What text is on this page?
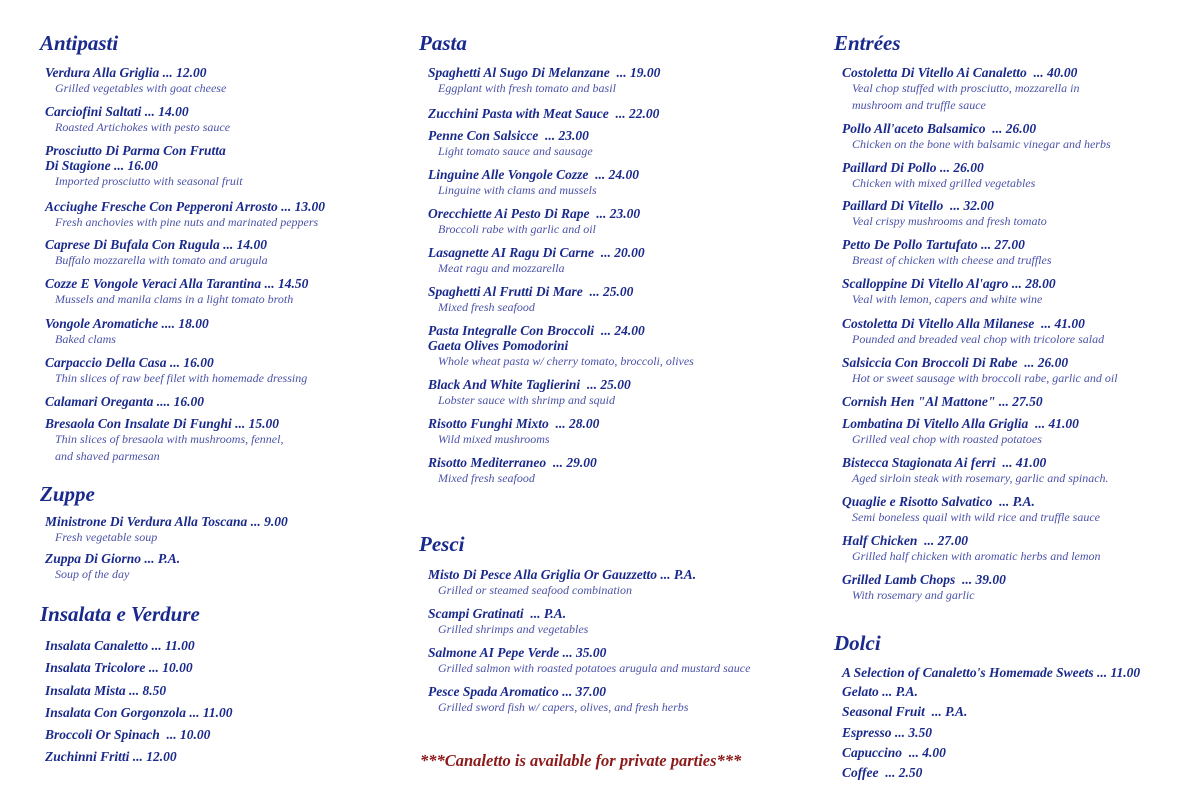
Antipasti
Verdura Alla Griglia ... 12.00
Grilled vegetables with goat cheese
Carciofini Saltati ... 14.00
Roasted Artichokes with pesto sauce
Prosciutto Di Parma Con Frutta
Di Stagione ... 16.00
Imported prosciutto with seasonal fruit
Acciughe Fresche Con Pepperoni Arrosto ... 13.00
Fresh anchovies with pine nuts and marinated peppers
Caprese Di Bufala Con Rugula ... 14.00
Buffalo mozzarella with tomato and arugula
Cozze E Vongole Veraci Alla Tarantina ... 14.50
Mussels and manila clams in a light tomato broth
Vongole Aromatiche .... 18.00
Baked clams
Carpaccio Della Casa ... 16.00
Thin slices of raw beef filet with homemade dressing
Calamari Oreganta .... 16.00
Bresaola Con Insalate Di Funghi ... 15.00
Thin slices of bresaola with mushrooms, fennel,
and shaved parmesan
Zuppe
Ministrone Di Verdura Alla Toscana ... 9.00
Fresh vegetable soup
Zuppa Di Giorno ... P.A.
Soup of the day
Insalata e Verdure
Insalata Canaletto ... 11.00
Insalata Tricolore ... 10.00
Insalata Mista ... 8.50
Insalata Con Gorgonzola ... 11.00
Broccoli Or Spinach  ... 10.00
Zuchinni Fritti ... 12.00
Pasta
Spaghetti Al Sugo Di Melanzane  ... 19.00
Eggplant with fresh tomato and basil
Zucchini Pasta with Meat Sauce  ... 22.00
Penne Con Salsicce  ... 23.00
Light tomato sauce and sausage
Linguine Alle Vongole Cozze  ... 24.00
Linguine with clams and mussels
Orecchiette Ai Pesto Di Rape  ... 23.00
Broccoli rabe with garlic and oil
Lasagnette AI Ragu Di Carne  ... 20.00
Meat ragu and mozzarella
Spaghetti Al Frutti Di Mare  ... 25.00
Mixed fresh seafood
Pasta Integralle Con Broccoli  ... 24.00
Gaeta Olives Pomodorini
Whole wheat pasta w/ cherry tomato, broccoli, olives
Black And White Taglierini  ... 25.00
Lobster sauce with shrimp and squid
Risotto Funghi Mixto  ... 28.00
Wild mixed mushrooms
Risotto Mediterraneo  ... 29.00
Mixed fresh seafood
Pesci
Misto Di Pesce Alla Griglia Or Gauzzetto ... P.A.
Grilled or steamed seafood combination
Scampi Gratinati  ... P.A.
Grilled shrimps and vegetables
Salmone AI Pepe Verde ... 35.00
Grilled salmon with roasted potatoes arugula and mustard sauce
Pesce Spada Aromatico ... 37.00
Grilled sword fish w/ capers, olives, and fresh herbs
***Canaletto is available for private parties***
Entrées
Costoletta Di Vitello Ai Canaletto  ... 40.00
Veal chop stuffed with prosciutto, mozzarella in
mushroom and truffle sauce
Pollo All'aceto Balsamico  ... 26.00
Chicken on the bone with balsamic vinegar and herbs
Paillard Di Pollo ... 26.00
Chicken with mixed grilled vegetables
Paillard Di Vitello  ... 32.00
Veal crispy mushrooms and fresh tomato
Petto De Pollo Tartufato ... 27.00
Breast of chicken with cheese and truffles
Scalloppine Di Vitello Al'agro ... 28.00
Veal with lemon, capers and white wine
Costoletta Di Vitello Alla Milanese  ... 41.00
Pounded and breaded veal chop with tricolore salad
Salsiccia Con Broccoli Di Rabe  ... 26.00
Hot or sweet sausage with broccoli rabe, garlic and oil
Cornish Hen "Al Mattone" ... 27.50
Lombatina Di Vitello Alla Griglia  ... 41.00
Grilled veal chop with roasted potatoes
Bistecca Stagionata Ai ferri  ... 41.00
Aged sirloin steak with rosemary, garlic and spinach.
Quaglie e Risotto Salvatico  ... P.A.
Semi boneless quail with wild rice and truffle sauce
Half Chicken  ... 27.00
Grilled half chicken with aromatic herbs and lemon
Grilled Lamb Chops  ... 39.00
With rosemary and garlic
Dolci
A Selection of Canaletto's Homemade Sweets ... 11.00
Gelato ... P.A.
Seasonal Fruit  ... P.A.
Espresso ... 3.50
Capuccino  ... 4.00
Coffee  ... 2.50
